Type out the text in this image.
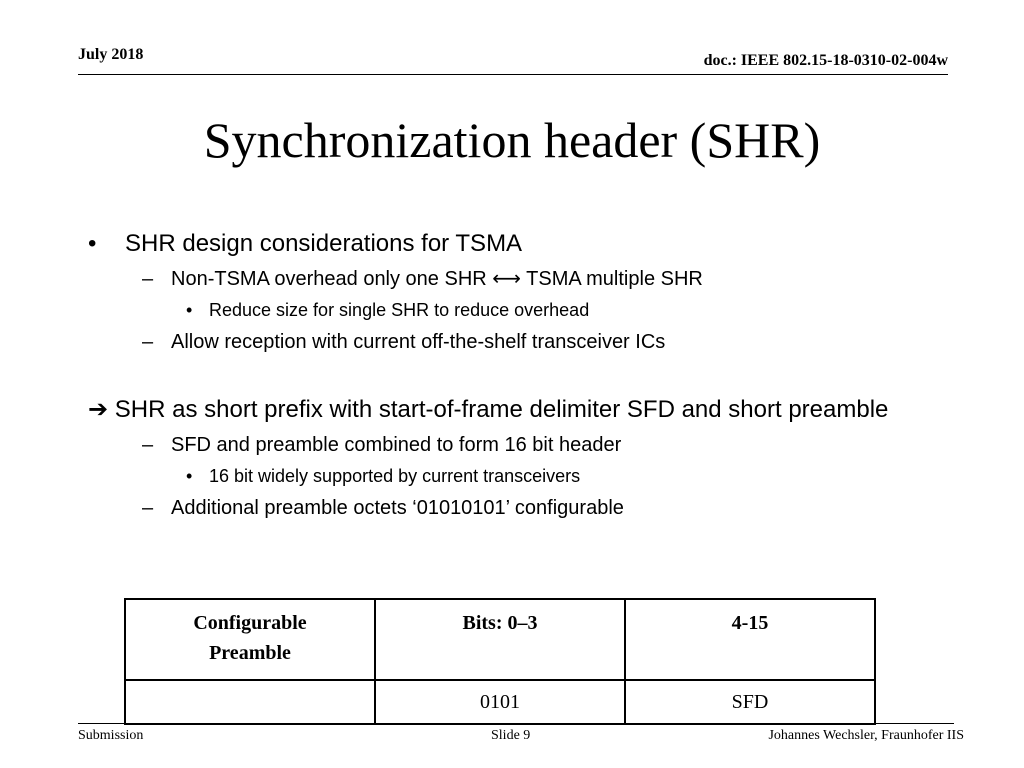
July 2018	doc.: IEEE 802.15-18-0310-02-004w
Synchronization header (SHR)
• SHR design considerations for TSMA
– Non-TSMA overhead only one SHR ⟷ TSMA multiple SHR
• Reduce size for single SHR to reduce overhead
– Allow reception with current off-the-shelf transceiver ICs
➔ SHR as short prefix with start-of-frame delimiter SFD and short preamble
– SFD and preamble combined to form 16 bit header
• 16 bit widely supported by current transceivers
– Additional preamble octets ‘01010101’ configurable
Configurable
Preamble	Bits: 0–3	4-15
	0101	SFD
Submission	Slide 9	Johannes Wechsler, Fraunhofer IIS
